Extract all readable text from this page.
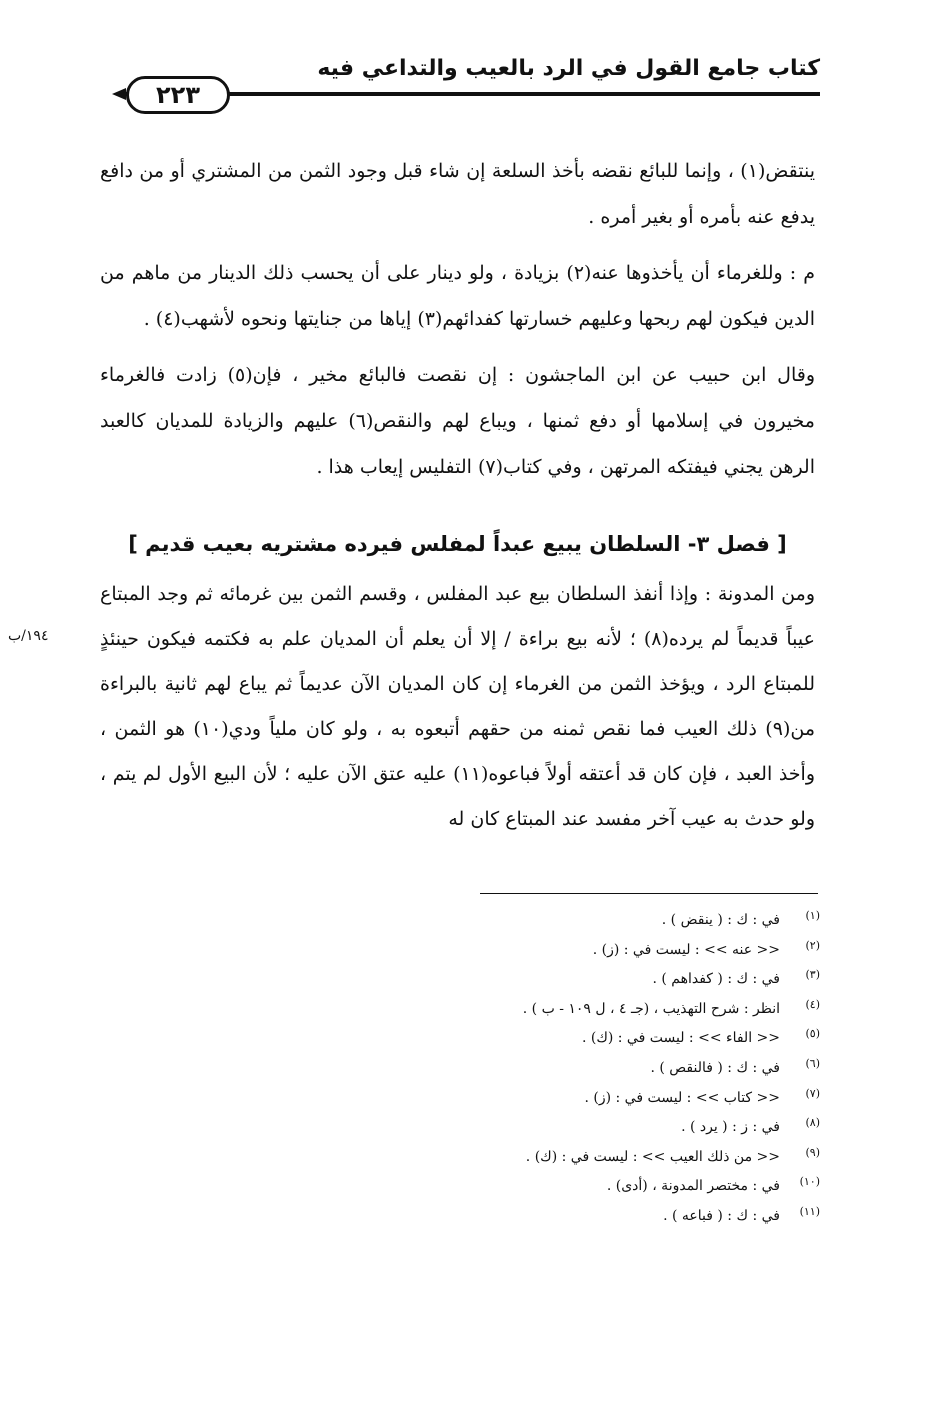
كتاب جامع القول في الرد بالعيب والتداعي فيه
٢٢٣

ينتقض(١) ، وإنما للبائع نقضه بأخذ السلعة إن شاء قبل وجود الثمن من المشتري أو من دافع يدفع عنه بأمره أو بغير أمره .

م : وللغرماء أن يأخذوها عنه(٢) بزيادة ، ولو دينار على أن يحسب ذلك الدينار من ماهم من الدين فيكون لهم ربحها وعليهم خسارتها كفدائهم(٣) إياها من جنايتها ونحوه لأشهب(٤) .

وقال ابن حبيب عن ابن الماجشون : إن نقصت فالبائع مخير ، فإن(٥) زادت فالغرماء مخيرون في إسلامها أو دفع ثمنها ، ويباع لهم والنقص(٦) عليهم والزيادة للمديان كالعبد الرهن يجني فيفتكه المرتهن ، وفي كتاب(٧) التفليس إيعاب هذا .

[ فصل ٣- السلطان يبيع عبداً لمفلس فيرده مشتريه بعيب قديم ]

ومن المدونة : وإذا أنفذ السلطان بيع عبد المفلس ، وقسم الثمن بين غرمائه ثم وجد المبتاع عيباً قديماً لم يرده(٨) ؛ لأنه بيع براءة / إلا أن يعلم أن المديان علم به فكتمه فيكون حينئذٍ للمبتاع الرد ، ويؤخذ الثمن من الغرماء إن كان المديان الآن عديماً ثم يباع لهم ثانية بالبراءة من(٩) ذلك العيب فما نقص ثمنه من حقهم أتبعوه به ، ولو كان ملياً ودي(١٠) هو الثمن ، وأخذ العبد ، فإن كان قد أعتقه أولاً فباعوه(١١) عليه عتق الآن عليه ؛ لأن البيع الأول لم يتم ، ولو حدث به عيب آخر مفسد عند المبتاع كان له

١٩٤/ب
(١)في : ك : ( ينقض ) .
(٢)<< عنه >> : ليست في : (ز) .
(٣)في : ك : ( كفداهم ) .
(٤)انظر : شرح التهذيب ، (جـ ٤ ، ل ١٠٩ - ب ) .
(٥)<< الفاء >> : ليست في : (ك) .
(٦)في : ك : ( فالنقص ) .
(٧)<< كتاب >> : ليست في : (ز) .
(٨)في : ز : ( يرد ) .
(٩)<< من ذلك العيب >> : ليست في : (ك) .
(١٠)في : مختصر المدونة ، (أدى) .
(١١)في : ك : ( فباعه ) .
